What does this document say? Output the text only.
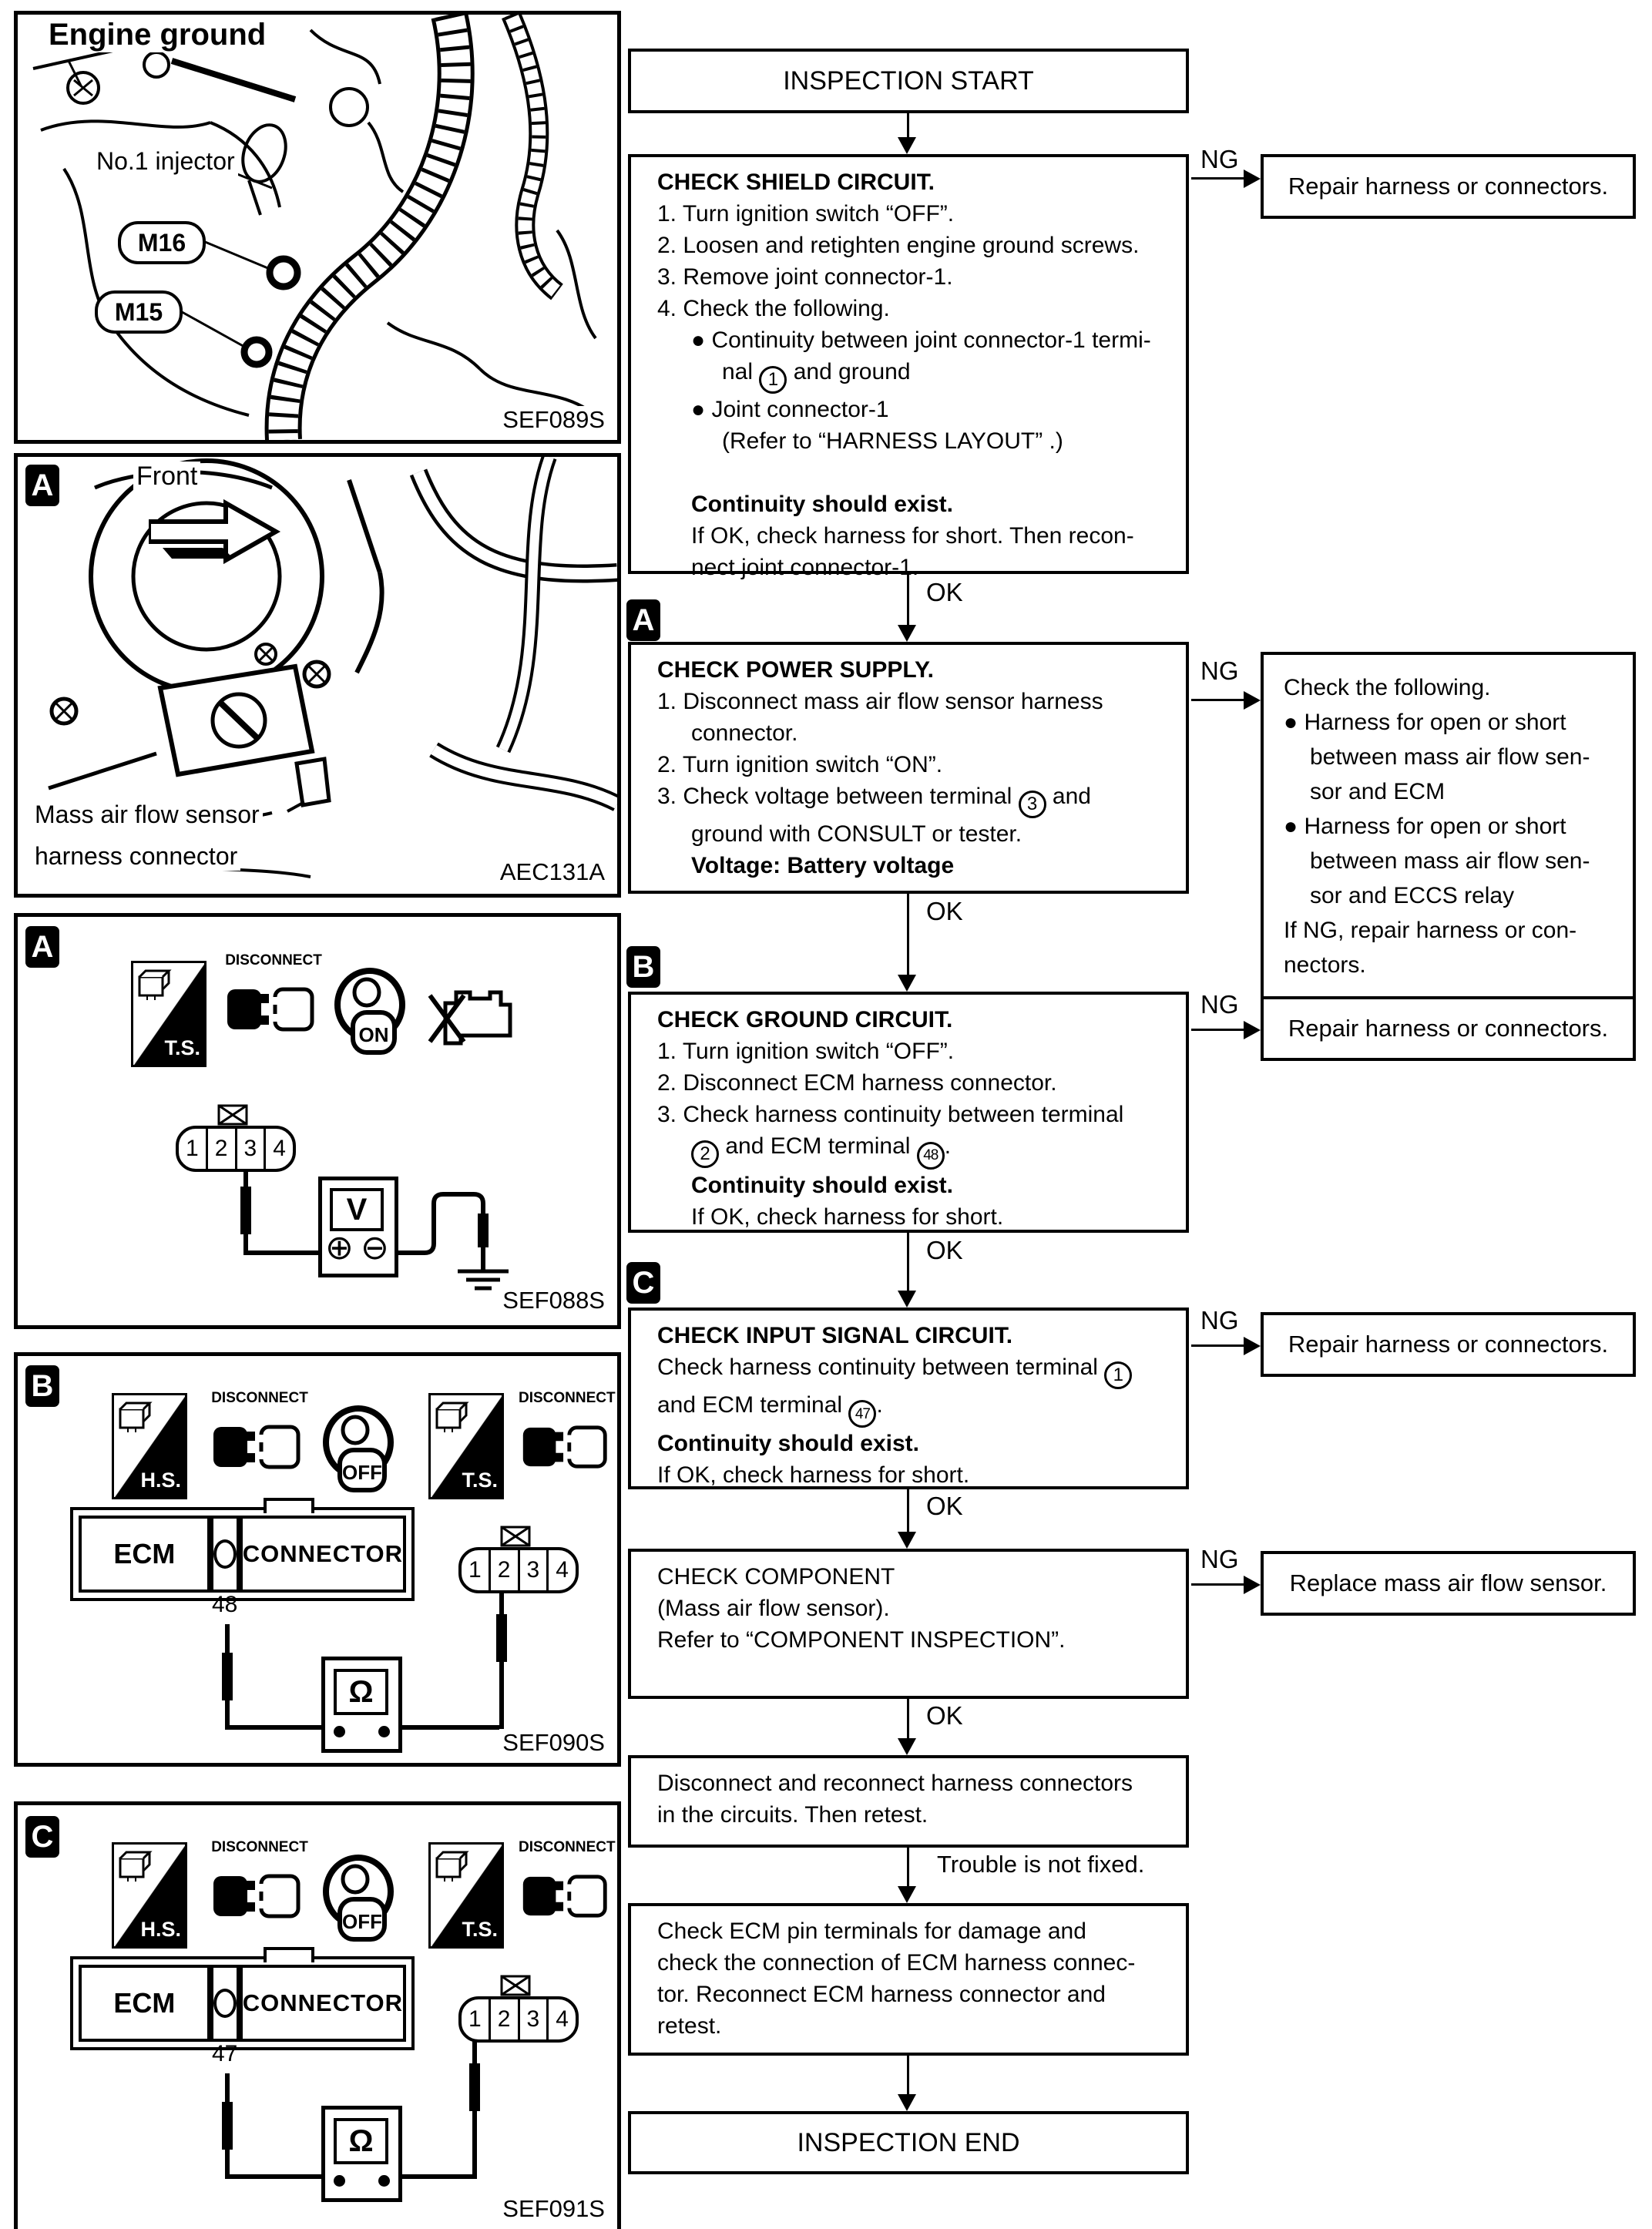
Engine ground
No.1 injector
M16
M15
SEF089S
A	Front
Mass air flow sensor
harness connector
AEC131A
A
T.S.
DISCONNECT
ON
1 2 3 4
V
⊕ ⊖
SEF088S
B
H.S.
DISCONNECT
OFF	T.S.
DISCONNECT
ECM	CONNECTOR
48
1 2 3 4
Ω
SEF090S
C
H.S.
DISCONNECT
OFF	T.S.
DISCONNECT
ECM	CONNECTOR
47
1 2 3 4
Ω
SEF091S
INSPECTION START
CHECK SHIELD CIRCUIT.
1. Turn ignition switch “OFF”.
2. Loosen and retighten engine ground screws.
3. Remove joint connector-1.
4. Check the following.
● Continuity between joint connector-1 termi-
nal 1 and ground
● Joint connector-1
(Refer to “HARNESS LAYOUT” .)
Continuity should exist.
If OK, check harness for short. Then recon-
nect joint connector-1.
NG
Repair harness or connectors.
OK
A
CHECK POWER SUPPLY.
1. Disconnect mass air flow sensor harness
connector.
2. Turn ignition switch “ON”.
3. Check voltage between terminal 3 and
ground with CONSULT or tester.
Voltage: Battery voltage
NG
Check the following.
● Harness for open or short
between mass air flow sen-
sor and ECM
● Harness for open or short
between mass air flow sen-
sor and ECCS relay
If NG, repair harness or con-
nectors.
OK
B
CHECK GROUND CIRCUIT.
1. Turn ignition switch “OFF”.
2. Disconnect ECM harness connector.
3. Check harness continuity between terminal
2 and ECM terminal 48 .
Continuity should exist.
If OK, check harness for short.
NG
Repair harness or connectors.
OK
C
CHECK INPUT SIGNAL CIRCUIT.
Check harness continuity between terminal 1
and ECM terminal 47 .
Continuity should exist.
If OK, check harness for short.
NG
Repair harness or connectors.
OK
CHECK COMPONENT
(Mass air flow sensor).
Refer to “COMPONENT INSPECTION”.
NG
Replace mass air flow sensor.
OK
Disconnect and reconnect harness connectors
in the circuits. Then retest.
Trouble is not fixed.
Check ECM pin terminals for damage and
check the connection of ECM harness connec-
tor. Reconnect ECM harness connector and
retest.
INSPECTION END
